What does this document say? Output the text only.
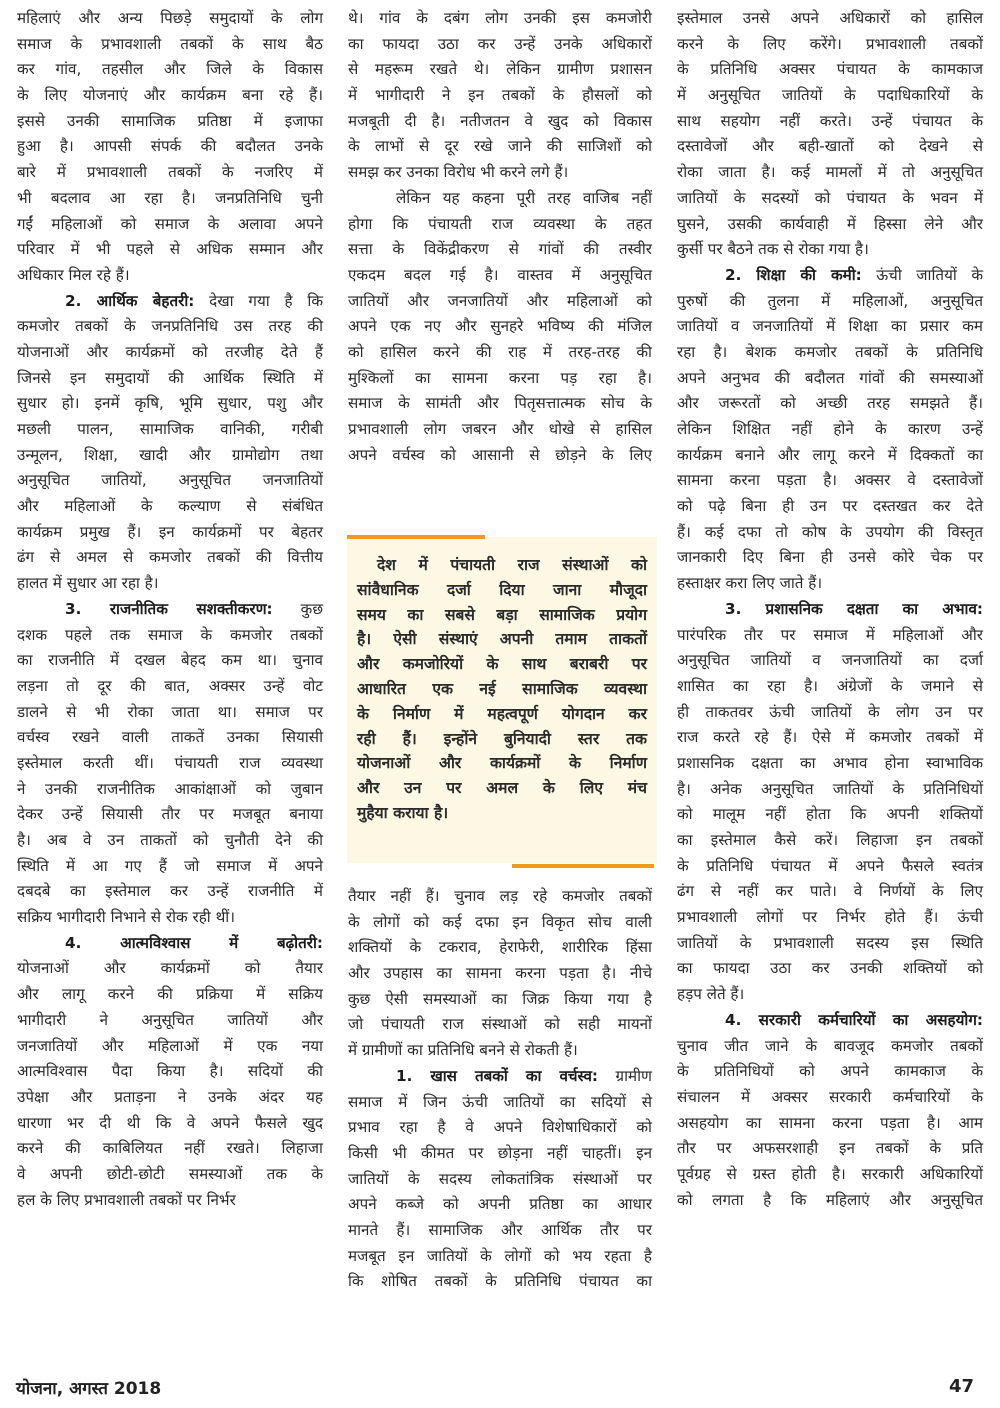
देश में पंचायती राज संस्थाओं को
सांवैधानिक दर्जा दिया जाना मौजूदा
समय का सबसे बड़ा सामाजिक प्रयोग
है। ऐसी संस्थाएं अपनी तमाम ताकतों
और कमजोरियों के साथ बराबरी पर
आधारित एक नई सामाजिक व्यवस्था
के निर्माण में महत्वपूर्ण योगदान कर
रही हैं। इन्होंने बुनियादी स्तर तक
योजनाओं और कार्यक्रमों के निर्माण
और उन पर अमल के लिए मंच
मुहैया कराया है।
महिलाएं और अन्य पिछड़े समुदायों के लोग
समाज के प्रभावशाली तबकों के साथ बैठ
कर गांव, तहसील और जिले के विकास
के लिए योजनाएं और कार्यक्रम बना रहे हैं।
इससे उनकी सामाजिक प्रतिष्ठा में इजाफा
हुआ है। आपसी संपर्क की बदौलत उनके
बारे में प्रभावशाली तबकों के नजरिए में
भी बदलाव आ रहा है। जनप्रतिनिधि चुनी
गईं महिलाओं को समाज के अलावा अपने
परिवार में भी पहले से अधिक सम्मान और
अधिकार मिल रहे हैं।
2. आर्थिक बेहतरी: देखा गया है कि
कमजोर तबकों के जनप्रतिनिधि उस तरह की
योजनाओं और कार्यक्रमों को तरजीह देते हैं
जिनसे इन समुदायों की आर्थिक स्थिति में
सुधार हो। इनमें कृषि, भूमि सुधार, पशु और
मछली पालन, सामाजिक वानिकी, गरीबी
उन्मूलन, शिक्षा, खादी और ग्रामोद्योग तथा
अनुसूचित जातियों, अनुसूचित जनजातियों
और महिलाओं के कल्याण से संबंधित
कार्यक्रम प्रमुख हैं। इन कार्यक्रमों पर बेहतर
ढंग से अमल से कमजोर तबकों की वित्तीय
हालत में सुधार आ रहा है।
3. राजनीतिक सशक्तीकरण: कुछ
दशक पहले तक समाज के कमजोर तबकों
का राजनीति में दखल बेहद कम था। चुनाव
लड़ना तो दूर की बात, अक्सर उन्हें वोट
डालने से भी रोका जाता था। समाज पर
वर्चस्व रखने वाली ताकतें उनका सियासी
इस्तेमाल करती थीं। पंचायती राज व्यवस्था
ने उनकी राजनीतिक आकांक्षाओं को जुबान
देकर उन्हें सियासी तौर पर मजबूत बनाया
है। अब वे उन ताकतों को चुनौती देने की
स्थिति में आ गए हैं जो समाज में अपने
दबदबे का इस्तेमाल कर उन्हें राजनीति में
सक्रिय भागीदारी निभाने से रोक रही थीं।
4. आत्मविश्वास में बढ़ोतरी:
योजनाओं और कार्यक्रमों को तैयार
और लागू करने की प्रक्रिया में सक्रिय
भागीदारी ने अनुसूचित जातियों और
जनजातियों और महिलाओं में एक नया
आत्मविश्वास पैदा किया है। सदियों की
उपेक्षा और प्रताड़ना ने उनके अंदर यह
धारणा भर दी थी कि वे अपने फैसले खुद
करने की काबिलियत नहीं रखते। लिहाजा
वे अपनी छोटी-छोटी समस्याओं तक के
हल के लिए प्रभावशाली तबकों पर निर्भर
थे। गांव के दबंग लोग उनकी इस कमजोरी
का फायदा उठा कर उन्हें उनके अधिकारों
से महरूम रखते थे। लेकिन ग्रामीण प्रशासन
में भागीदारी ने इन तबकों के हौसलों को
मजबूती दी है। नतीजतन वे खुद को विकास
के लाभों से दूर रखे जाने की साजिशों को
समझ कर उनका विरोध भी करने लगे हैं।
लेकिन यह कहना पूरी तरह वाजिब नहीं
होगा कि पंचायती राज व्यवस्था के तहत
सत्ता के विकेंद्रीकरण से गांवों की तस्वीर
एकदम बदल गई है। वास्तव में अनुसूचित
जातियों और जनजातियों और महिलाओं को
अपने एक नए और सुनहरे भविष्य की मंजिल
को हासिल करने की राह में तरह-तरह की
मुश्किलों का सामना करना पड़ रहा है।
समाज के सामंती और पितृसत्तात्मक सोच के
प्रभावशाली लोग जबरन और धोखे से हासिल
अपने वर्चस्व को आसानी से छोड़ने के लिए
तैयार नहीं हैं। चुनाव लड़ रहे कमजोर तबकों
के लोगों को कई दफा इन विकृत सोच वाली
शक्तियों के टकराव, हेराफेरी, शारीरिक हिंसा
और उपहास का सामना करना पड़ता है। नीचे
कुछ ऐसी समस्याओं का जिक्र किया गया है
जो पंचायती राज संस्थाओं को सही मायनों
में ग्रामीणों का प्रतिनिधि बनने से रोकती हैं।
1. खास तबकों का वर्चस्व: ग्रामीण
समाज में जिन ऊंची जातियों का सदियों से
प्रभाव रहा है वे अपने विशेषाधिकारों को
किसी भी कीमत पर छोड़ना नहीं चाहतीं। इन
जातियों के सदस्य लोकतांत्रिक संस्थाओं पर
अपने कब्जे को अपनी प्रतिष्ठा का आधार
मानते हैं। सामाजिक और आर्थिक तौर पर
मजबूत इन जातियों के लोगों को भय रहता है
कि शोषित तबकों के प्रतिनिधि पंचायत का
इस्तेमाल उनसे अपने अधिकारों को हासिल
करने के लिए करेंगे। प्रभावशाली तबकों
के प्रतिनिधि अक्सर पंचायत के कामकाज
में अनुसूचित जातियों के पदाधिकारियों के
साथ सहयोग नहीं करते। उन्हें पंचायत के
दस्तावेजों और बही-खातों को देखने से
रोका जाता है। कई मामलों में तो अनुसूचित
जातियों के सदस्यों को पंचायत के भवन में
घुसने, उसकी कार्यवाही में हिस्सा लेने और
कुर्सी पर बैठने तक से रोका गया है।
2. शिक्षा की कमी: ऊंची जातियों के
पुरुषों की तुलना में महिलाओं, अनुसूचित
जातियों व जनजातियों में शिक्षा का प्रसार कम
रहा है। बेशक कमजोर तबकों के प्रतिनिधि
अपने अनुभव की बदौलत गांवों की समस्याओं
और जरूरतों को अच्छी तरह समझते हैं।
लेकिन शिक्षित नहीं होने के कारण उन्हें
कार्यक्रम बनाने और लागू करने में दिक्कतों का
सामना करना पड़ता है। अक्सर वे दस्तावेजों
को पढ़े बिना ही उन पर दस्तखत कर देते
हैं। कई दफा तो कोष के उपयोग की विस्तृत
जानकारी दिए बिना ही उनसे कोरे चेक पर
हस्ताक्षर करा लिए जाते हैं।
3. प्रशासनिक दक्षता का अभाव:
पारंपरिक तौर पर समाज में महिलाओं और
अनुसूचित जातियों व जनजातियों का दर्जा
शासित का रहा है। अंग्रेजों के जमाने से
ही ताकतवर ऊंची जातियों के लोग उन पर
राज करते रहे हैं। ऐसे में कमजोर तबकों में
प्रशासनिक दक्षता का अभाव होना स्वाभाविक
है। अनेक अनुसूचित जातियों के प्रतिनिधियों
को मालूम नहीं होता कि अपनी शक्तियों
का इस्तेमाल कैसे करें। लिहाजा इन तबकों
के प्रतिनिधि पंचायत में अपने फैसले स्वतंत्र
ढंग से नहीं कर पाते। वे निर्णयों के लिए
प्रभावशाली लोगों पर निर्भर होते हैं। ऊंची
जातियों के प्रभावशाली सदस्य इस स्थिति
का फायदा उठा कर उनकी शक्तियों को
हड़प लेते हैं।
4. सरकारी कर्मचारियों का असहयोग:
चुनाव जीत जाने के बावजूद कमजोर तबकों
के प्रतिनिधियों को अपने कामकाज के
संचालन में अक्सर सरकारी कर्मचारियों के
असहयोग का सामना करना पड़ता है। आम
तौर पर अफसरशाही इन तबकों के प्रति
पूर्वग्रह से ग्रस्त होती है। सरकारी अधिकारियों
को लगता है कि महिलाएं और अनुसूचित
योजना, अगस्त 2018	47
